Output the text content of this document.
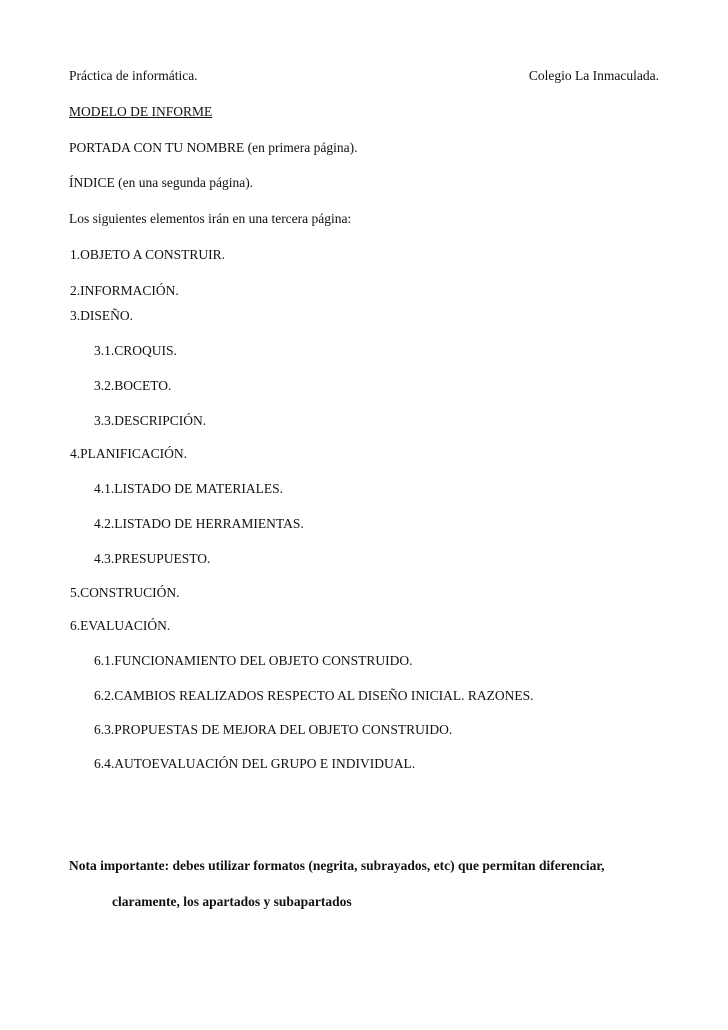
Práctica de informática.	Colegio La Inmaculada.
MODELO DE INFORME
PORTADA CON TU NOMBRE (en primera página).
ÍNDICE (en una segunda página).
Los siguientes elementos irán en una tercera página:
1.OBJETO A CONSTRUIR.
2.INFORMACIÓN.
3.DISEÑO.
3.1.CROQUIS.
3.2.BOCETO.
3.3.DESCRIPCIÓN.
4.PLANIFICACIÓN.
4.1.LISTADO DE MATERIALES.
4.2.LISTADO DE HERRAMIENTAS.
4.3.PRESUPUESTO.
5.CONSTRUCIÓN.
6.EVALUACIÓN.
6.1.FUNCIONAMIENTO DEL OBJETO CONSTRUIDO.
6.2.CAMBIOS REALIZADOS RESPECTO AL DISEÑO INICIAL. RAZONES.
6.3.PROPUESTAS DE MEJORA DEL OBJETO CONSTRUIDO.
6.4.AUTOEVALUACIÓN DEL GRUPO E INDIVIDUAL.
Nota importante: debes utilizar formatos (negrita, subrayados, etc) que permitan diferenciar,
claramente, los apartados y subapartados
